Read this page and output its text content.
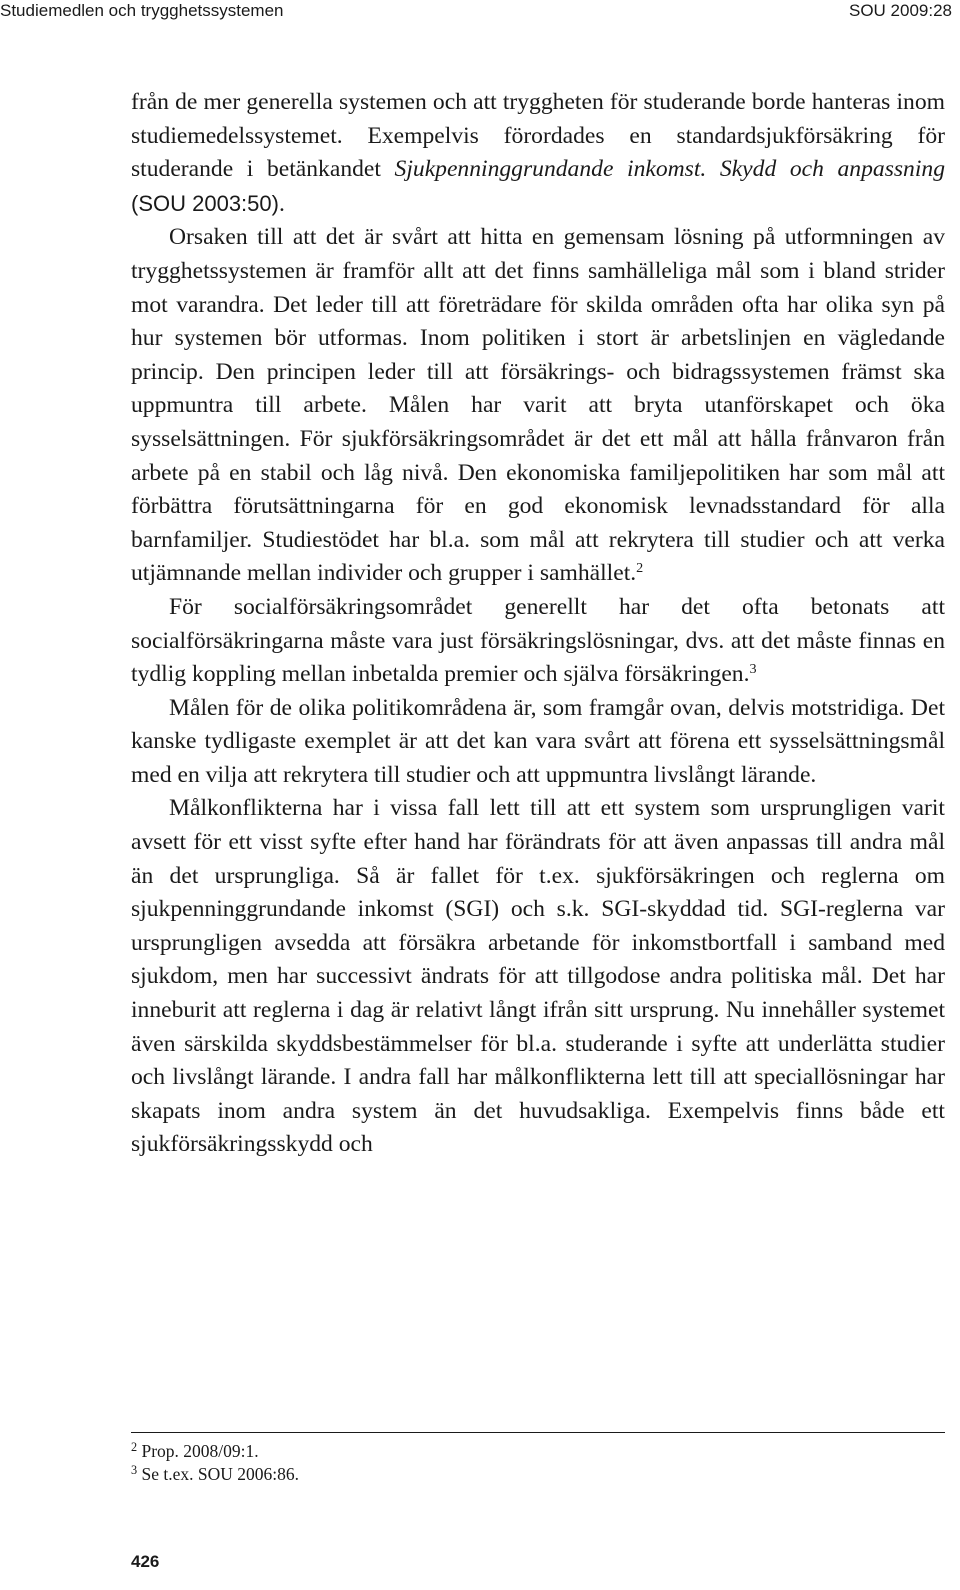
Studiemedlen och trygghetssystemen	SOU 2009:28

från de mer generella systemen och att tryggheten för studerande borde hanteras inom studiemedelssystemet. Exempelvis förordades en standardsjukförsäkring för studerande i betänkandet Sjukpenninggrundande inkomst. Skydd och anpassning (SOU 2003:50).

Orsaken till att det är svårt att hitta en gemensam lösning på utformningen av trygghetssystemen är framför allt att det finns samhälleliga mål som i bland strider mot varandra. Det leder till att företrädare för skilda områden ofta har olika syn på hur systemen bör utformas. Inom politiken i stort är arbetslinjen en vägledande princip. Den principen leder till att försäkrings- och bidragssystemen främst ska uppmuntra till arbete. Målen har varit att bryta utanförskapet och öka sysselsättningen. För sjukförsäkringsområdet är det ett mål att hålla frånvaron från arbete på en stabil och låg nivå. Den ekonomiska familjepolitiken har som mål att förbättra förutsättningarna för en god ekonomisk levnadsstandard för alla barnfamiljer. Studiestödet har bl.a. som mål att rekrytera till studier och att verka utjämnande mellan individer och grupper i samhället.$^2$

För socialförsäkringsområdet generellt har det ofta betonats att socialförsäkringarna måste vara just försäkringslösningar, dvs. att det måste finnas en tydlig koppling mellan inbetalda premier och själva försäkringen.$^3$

Målen för de olika politikområdena är, som framgår ovan, delvis motstridiga. Det kanske tydligaste exemplet är att det kan vara svårt att förena ett sysselsättningsmål med en vilja att rekrytera till studier och att uppmuntra livslångt lärande.

Målkonflikterna har i vissa fall lett till att ett system som ursprungligen varit avsett för ett visst syfte efter hand har förändrats för att även anpassas till andra mål än det ursprungliga. Så är fallet för t.ex. sjukförsäkringen och reglerna om sjukpenninggrundande inkomst (SGI) och s.k. SGI-skyddad tid. SGI-reglerna var ursprungligen avsedda att försäkra arbetande för inkomstbortfall i samband med sjukdom, men har successivt ändrats för att tillgodose andra politiska mål. Det har inneburit att reglerna i dag är relativt långt ifrån sitt ursprung. Nu innehåller systemet även särskilda skyddsbestämmelser för bl.a. studerande i syfte att underlätta studier och livslångt lärande. I andra fall har målkonflikterna lett till att speciallösningar har skapats inom andra system än det huvudsakliga. Exempelvis finns både ett sjukförsäkringsskydd och

$^2$ Prop. 2008/09:1.

$^3$ Se t.ex. SOU 2006:86.

426
